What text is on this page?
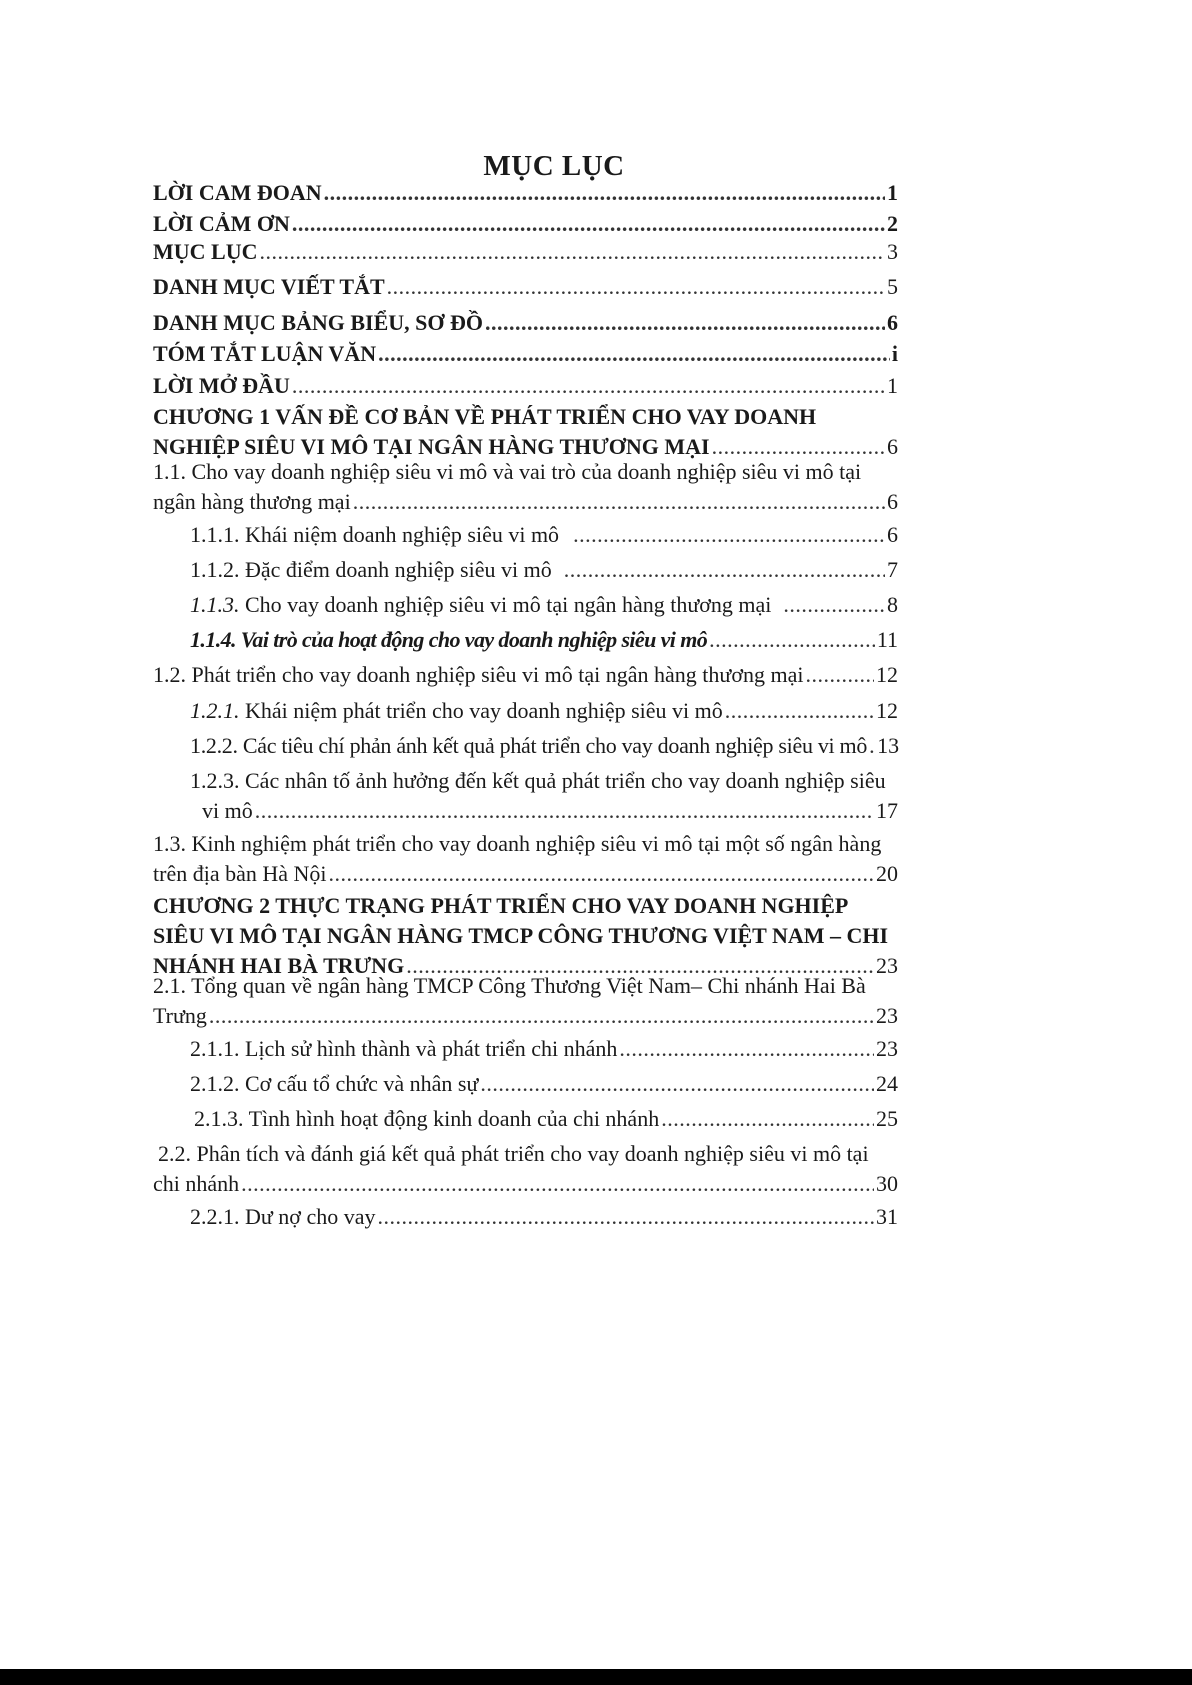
MỤC LỤC
LỜI CAM ĐOAN .....	1
LỜI CẢM ƠN .....	2
MỤC LỤC .....	3
DANH MỤC VIẾT TẮT .....	5
DANH MỤC BẢNG BIỂU, SƠ ĐỒ .....	6
TÓM TẮT LUẬN VĂN .....	i
LỜI MỞ ĐẦU .....	1
CHƯƠNG 1 VẤN ĐỀ CƠ BẢN VỀ PHÁT TRIỂN CHO VAY DOANH
NGHIỆP SIÊU VI MÔ TẠI NGÂN HÀNG THƯƠNG MẠI .....	6
1.1. Cho vay doanh nghiệp siêu vi mô và vai trò của doanh nghiệp siêu vi mô tại
ngân hàng thương mại .....	6
1.1.1. Khái niệm doanh nghiệp siêu vi mô .....	6
1.1.2. Đặc điểm doanh nghiệp siêu vi mô .....	7
1.1.3. Cho vay doanh nghiệp siêu vi mô tại ngân hàng thương mại .....	8
1.1.4. Vai trò của hoạt động cho vay doanh nghiệp siêu vi mô .....	11
1.2. Phát triển cho vay doanh nghiệp siêu vi mô tại ngân hàng thương mại .....	12
1.2.1. Khái niệm phát triển cho vay doanh nghiệp siêu vi mô .....	12
1.2.2. Các tiêu chí phản ánh kết quả phát triển cho vay doanh nghiệp siêu vi mô ..... 13
1.2.3. Các nhân tố ảnh hưởng đến kết quả phát triển cho vay doanh nghiệp siêu
vi mô .....	17
1.3. Kinh nghiệm phát triển cho vay doanh nghiệp siêu vi mô tại một số ngân hàng
trên địa bàn Hà Nội .....	20
CHƯƠNG 2 THỰC TRẠNG PHÁT TRIỂN CHO VAY DOANH NGHIỆP
SIÊU VI MÔ TẠI NGÂN HÀNG TMCP CÔNG THƯƠNG VIỆT NAM – CHI
NHÁNH HAI BÀ TRƯNG .....	23
2.1. Tổng quan về ngân hàng TMCP Công Thương Việt Nam– Chi nhánh Hai Bà
Trưng .....	23
2.1.1. Lịch sử hình thành và phát triển chi nhánh .....	23
2.1.2. Cơ cấu tổ chức và nhân sự .....	24
2.1.3. Tình hình hoạt động kinh doanh của chi nhánh .....	25
2.2. Phân tích và đánh giá kết quả phát triển cho vay doanh nghiệp siêu vi mô tại
chi nhánh .....	30
2.2.1. Dư nợ cho vay .....	31
